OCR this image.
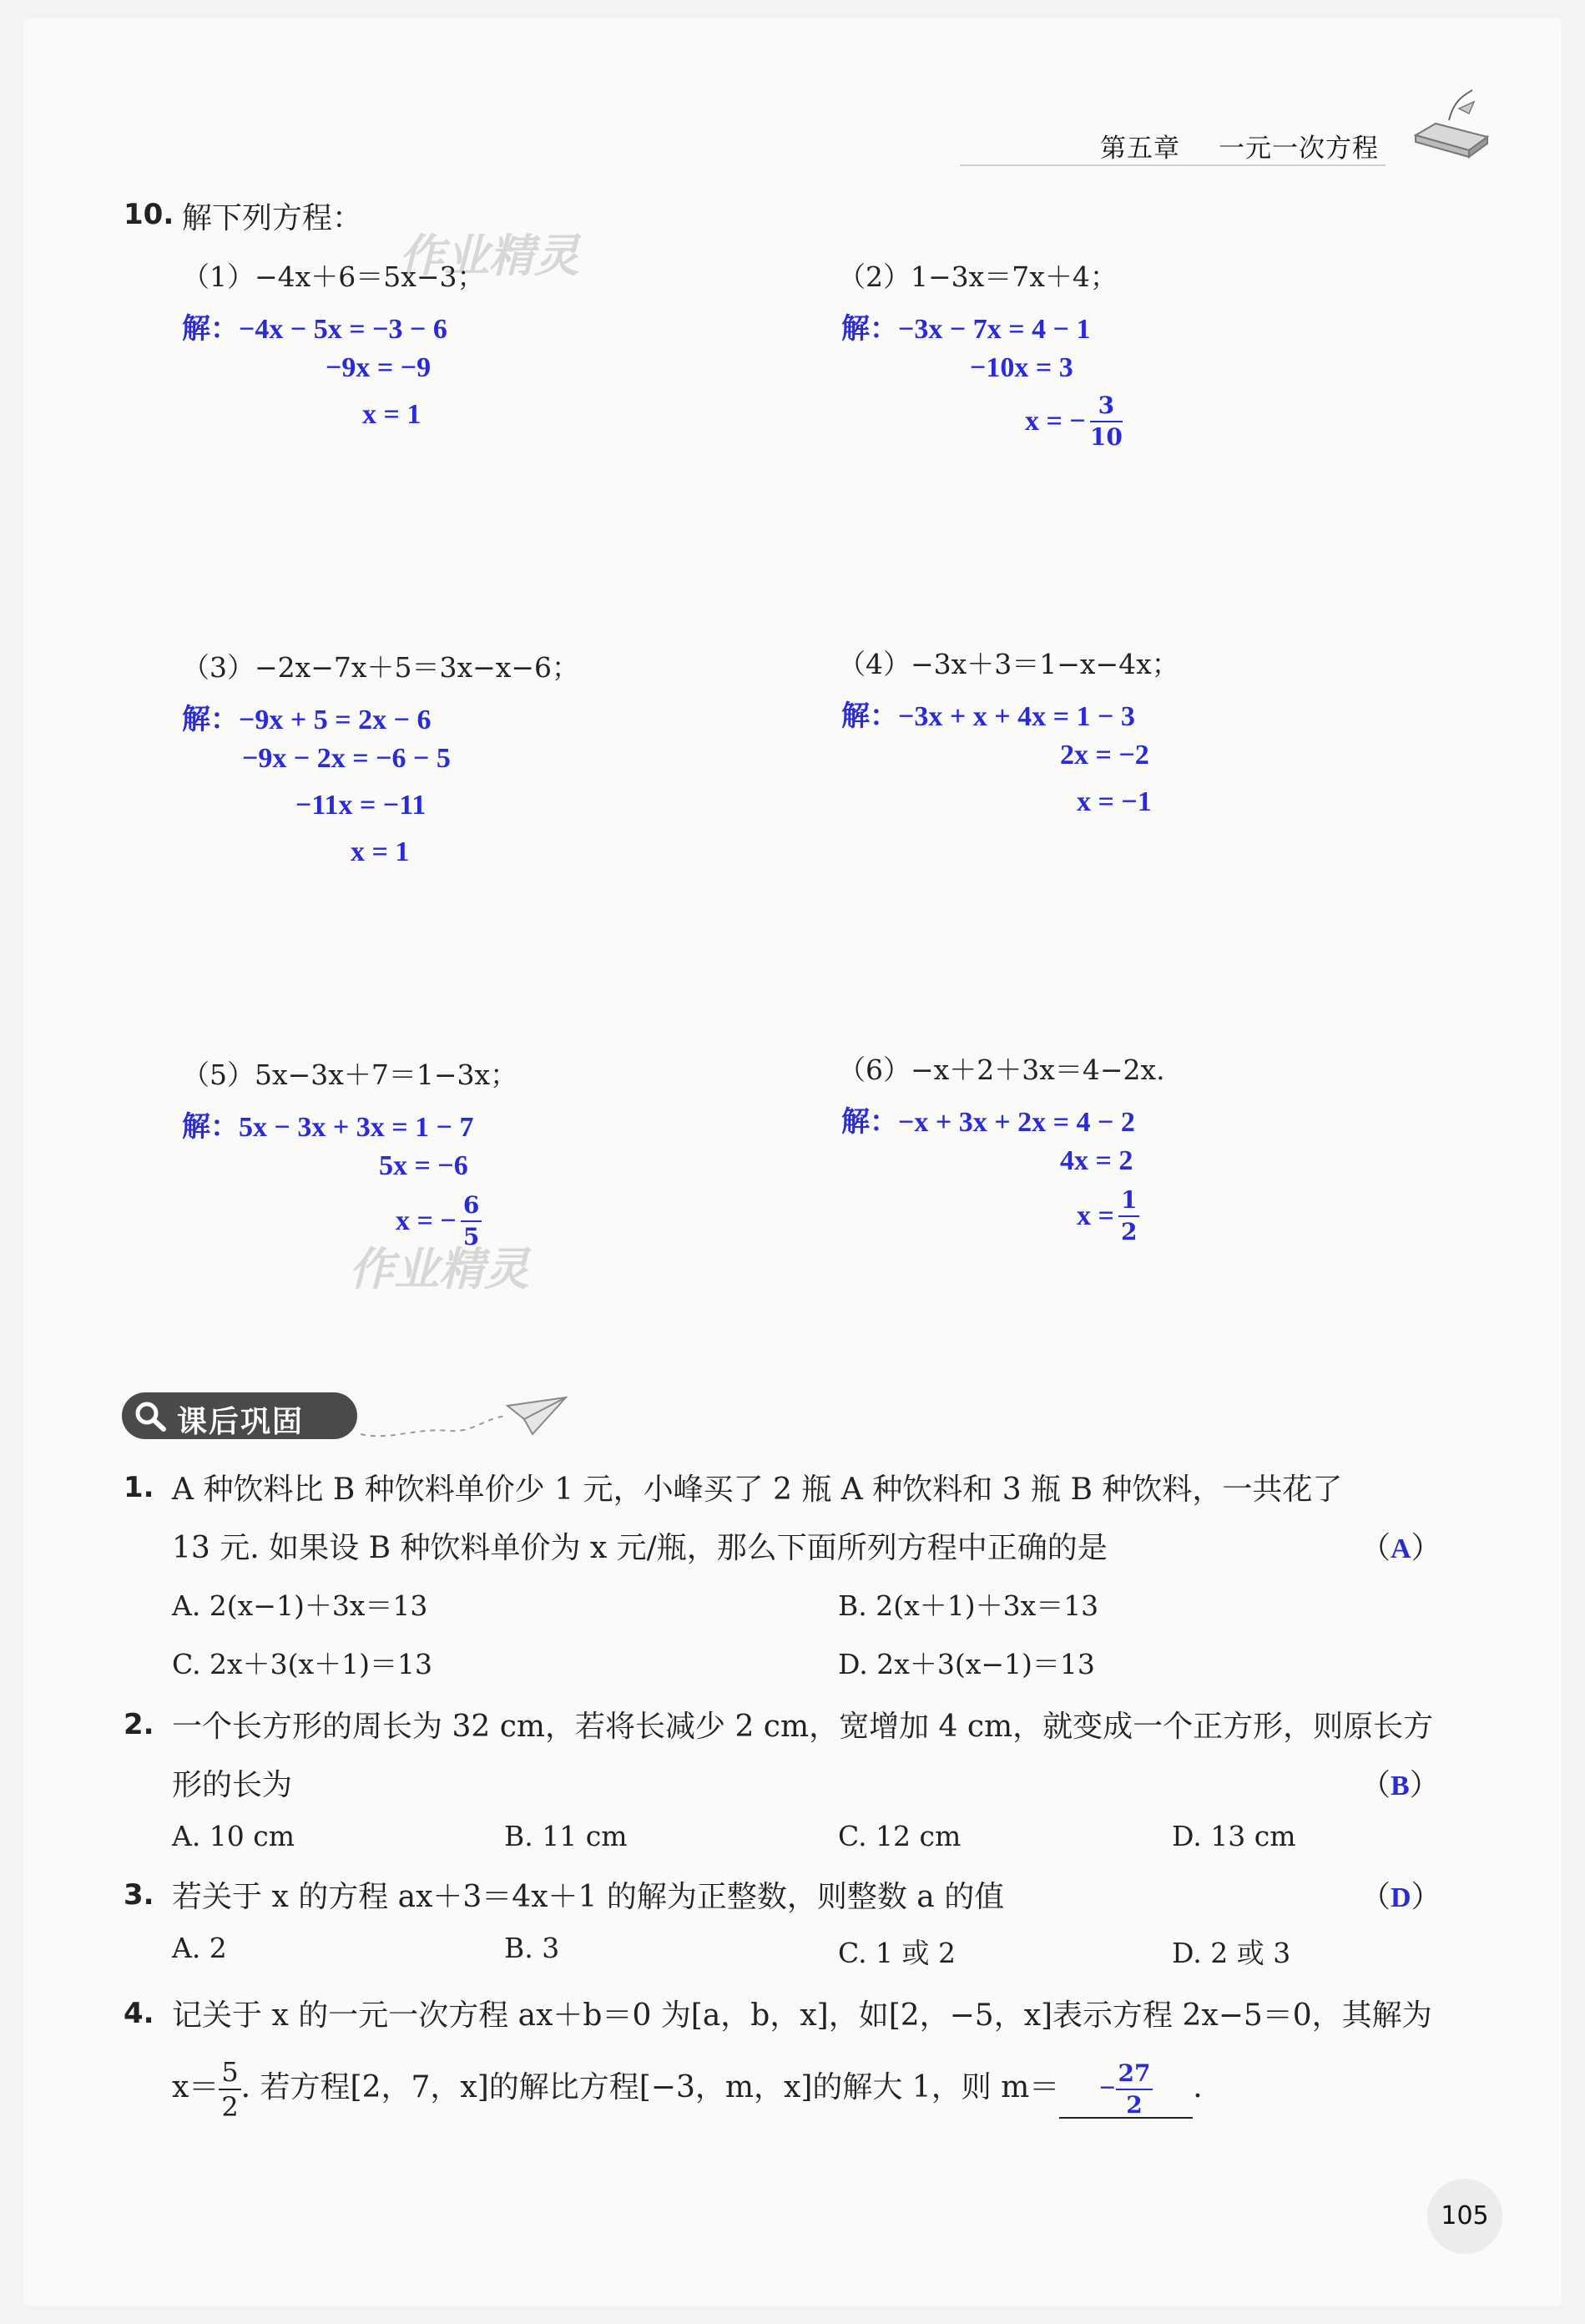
第五章 一元一次方程
10. 解下列方程：
作业精灵
（1）−4x＋6＝5x−3；
解：−4x − 5x = −3 − 6
−9x = −9
x = 1
（2）1−3x＝7x＋4；
解：−3x − 7x = 4 − 1
−10x = 3
x = − $\frac{3}{10}$
（3）−2x−7x＋5＝3x−x−6；
解：−9x + 5 = 2x − 6
−9x − 2x = −6 − 5
−11x = −11
x = 1
（4）−3x＋3＝1−x−4x；
解：−3x + x + 4x = 1 − 3
2x = −2
x = −1
（5）5x−3x＋7＝1−3x；
解：5x − 3x + 3x = 1 − 7
5x = −6
x = − $\frac{6}{5}$
作业精灵
（6）−x＋2＋3x＝4−2x.
解：−x + 3x + 2x = 4 − 2
4x = 2
$x = \frac{1}{2}$
课后巩固
1. A 种饮料比 B 种饮料单价少 1 元，小峰买了 2 瓶 A 种饮料和 3 瓶 B 种饮料，一共花了
13 元. 如果设 B 种饮料单价为 x 元/瓶，那么下面所列方程中正确的是	（A）
A. 2(x−1)＋3x＝13	B. 2(x＋1)＋3x＝13
C. 2x＋3(x＋1)＝13	D. 2x＋3(x−1)＝13
2. 一个长方形的周长为 32 cm，若将长减少 2 cm，宽增加 4 cm，就变成一个正方形，则原长方
形的长为	（B）
A. 10 cm	B. 11 cm	C. 12 cm	D. 13 cm
3. 若关于 x 的方程 ax＋3＝4x＋1 的解为正整数，则整数 a 的值	（D）
A. 2	B. 3	C. 1 或 2	D. 2 或 3
4. 记关于 x 的一元一次方程 ax＋b＝0 为[a，b，x]，如[2，−5，x]表示方程 2x−5＝0，其解为
$x= \frac{5}{2}$ . 若方程[2，7，x]的解比方程[−3，m，x]的解大 1，则 $m= - \frac{27}{2}$ .
105
